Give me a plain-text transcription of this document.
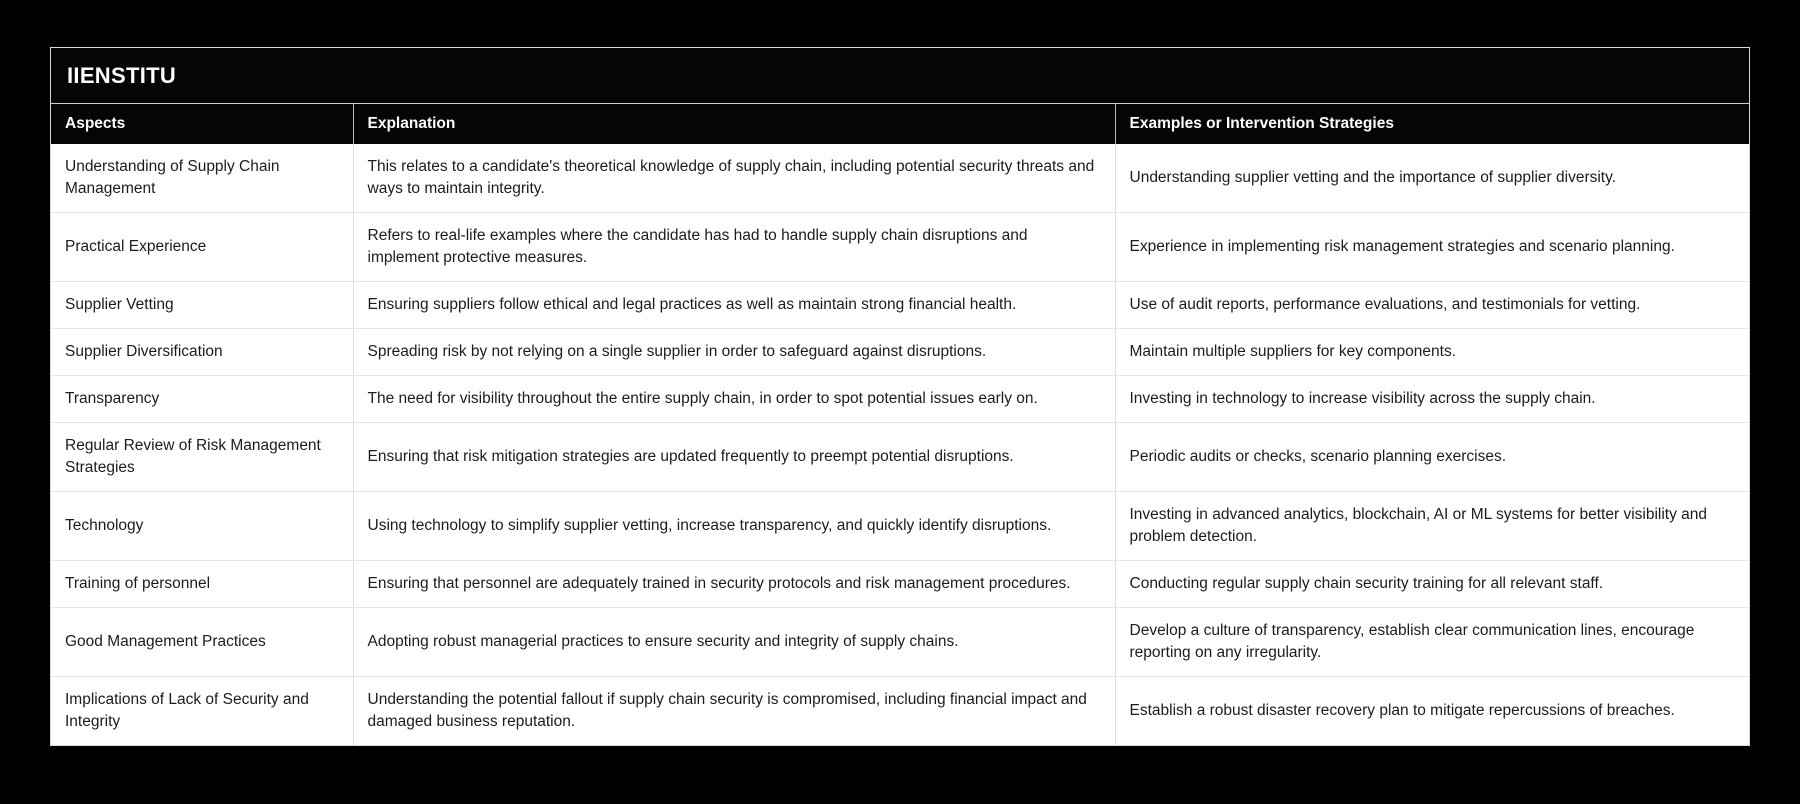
IIENSTITU
Aspects	Explanation	Examples or Intervention Strategies
Understanding of Supply Chain Management	This relates to a candidate's theoretical knowledge of supply chain, including potential security threats and ways to maintain integrity.	Understanding supplier vetting and the importance of supplier diversity.
Practical Experience	Refers to real-life examples where the candidate has had to handle supply chain disruptions and implement protective measures.	Experience in implementing risk management strategies and scenario planning.
Supplier Vetting	Ensuring suppliers follow ethical and legal practices as well as maintain strong financial health.	Use of audit reports, performance evaluations, and testimonials for vetting.
Supplier Diversification	Spreading risk by not relying on a single supplier in order to safeguard against disruptions.	Maintain multiple suppliers for key components.
Transparency	The need for visibility throughout the entire supply chain, in order to spot potential issues early on.	Investing in technology to increase visibility across the supply chain.
Regular Review of Risk Management Strategies	Ensuring that risk mitigation strategies are updated frequently to preempt potential disruptions.	Periodic audits or checks, scenario planning exercises.
Technology	Using technology to simplify supplier vetting, increase transparency, and quickly identify disruptions.	Investing in advanced analytics, blockchain, AI or ML systems for better visibility and problem detection.
Training of personnel	Ensuring that personnel are adequately trained in security protocols and risk management procedures.	Conducting regular supply chain security training for all relevant staff.
Good Management Practices	Adopting robust managerial practices to ensure security and integrity of supply chains.	Develop a culture of transparency, establish clear communication lines, encourage reporting on any irregularity.
Implications of Lack of Security and Integrity	Understanding the potential fallout if supply chain security is compromised, including financial impact and damaged business reputation.	Establish a robust disaster recovery plan to mitigate repercussions of breaches.
